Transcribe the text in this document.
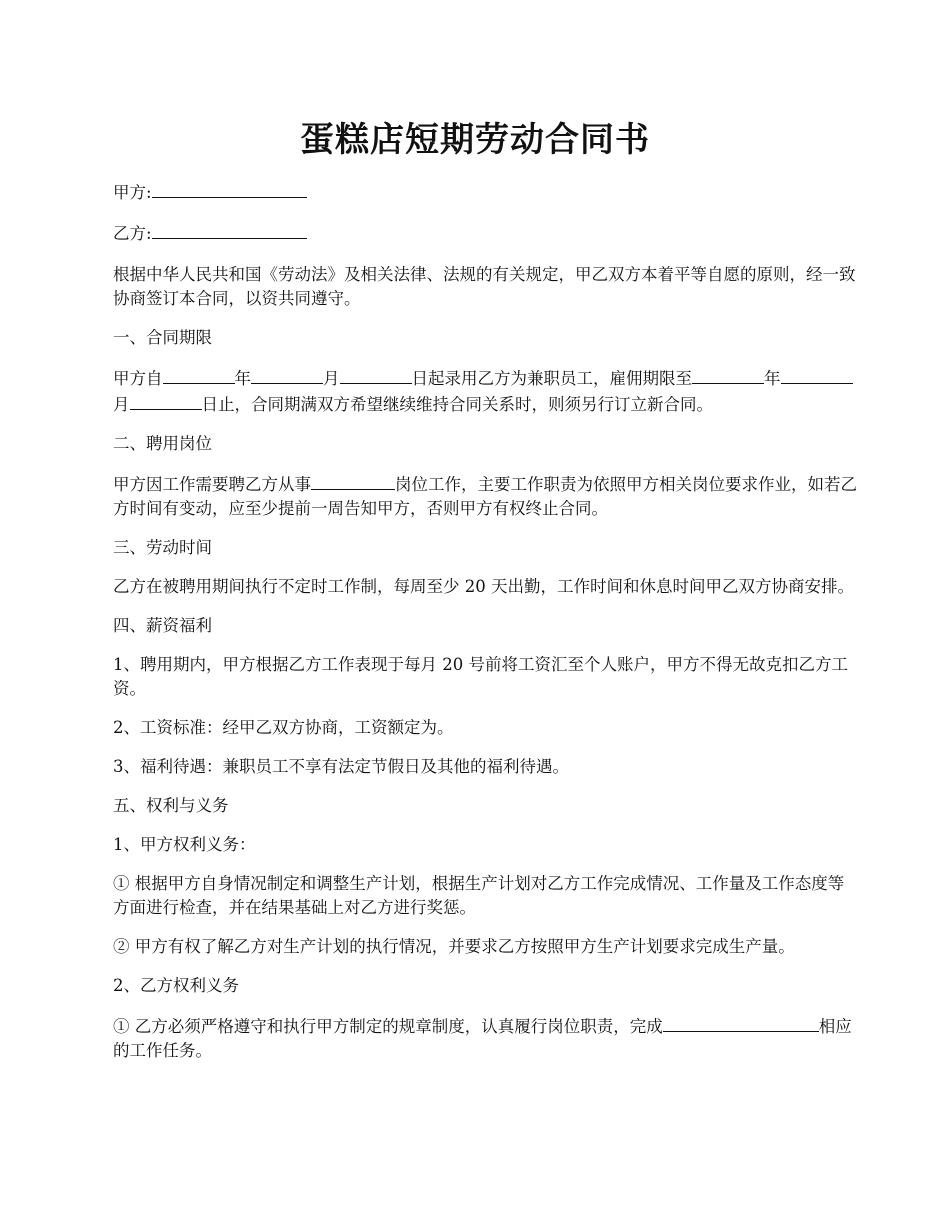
蛋糕店短期劳动合同书

甲方:

乙方:

根据中华人民共和国《劳动法》及相关法律、法规的有关规定，甲乙双方本着平等自愿的原则，经一致协商签订本合同，以资共同遵守。

一、合同期限

甲方自	年	月	日起录用乙方为兼职员工，雇佣期限至	年月	日止，合同期满双方希望继续维持合同关系时，则须另行订立新合同。

二、聘用岗位

甲方因工作需要聘乙方从事	岗位工作，主要工作职责为依照甲方相关岗位要求作业，如若乙方时间有变动，应至少提前一周告知甲方，否则甲方有权终止合同。

三、劳动时间

乙方在被聘用期间执行不定时工作制，每周至少 20 天出勤，工作时间和休息时间甲乙双方协商安排。

四、薪资福利

1、聘用期内，甲方根据乙方工作表现于每月 20 号前将工资汇至个人账户，甲方不得无故克扣乙方工资。

2、工资标准：经甲乙双方协商，工资额定为。

3、福利待遇：兼职员工不享有法定节假日及其他的福利待遇。

五、权利与义务

1、甲方权利义务：

① 根据甲方自身情况制定和调整生产计划，根据生产计划对乙方工作完成情况、工作量及工作态度等方面进行检查，并在结果基础上对乙方进行奖惩。

② 甲方有权了解乙方对生产计划的执行情况，并要求乙方按照甲方生产计划要求完成生产量。

2、乙方权利义务

① 乙方必须严格遵守和执行甲方制定的规章制度，认真履行岗位职责，完成	相应的工作任务。
